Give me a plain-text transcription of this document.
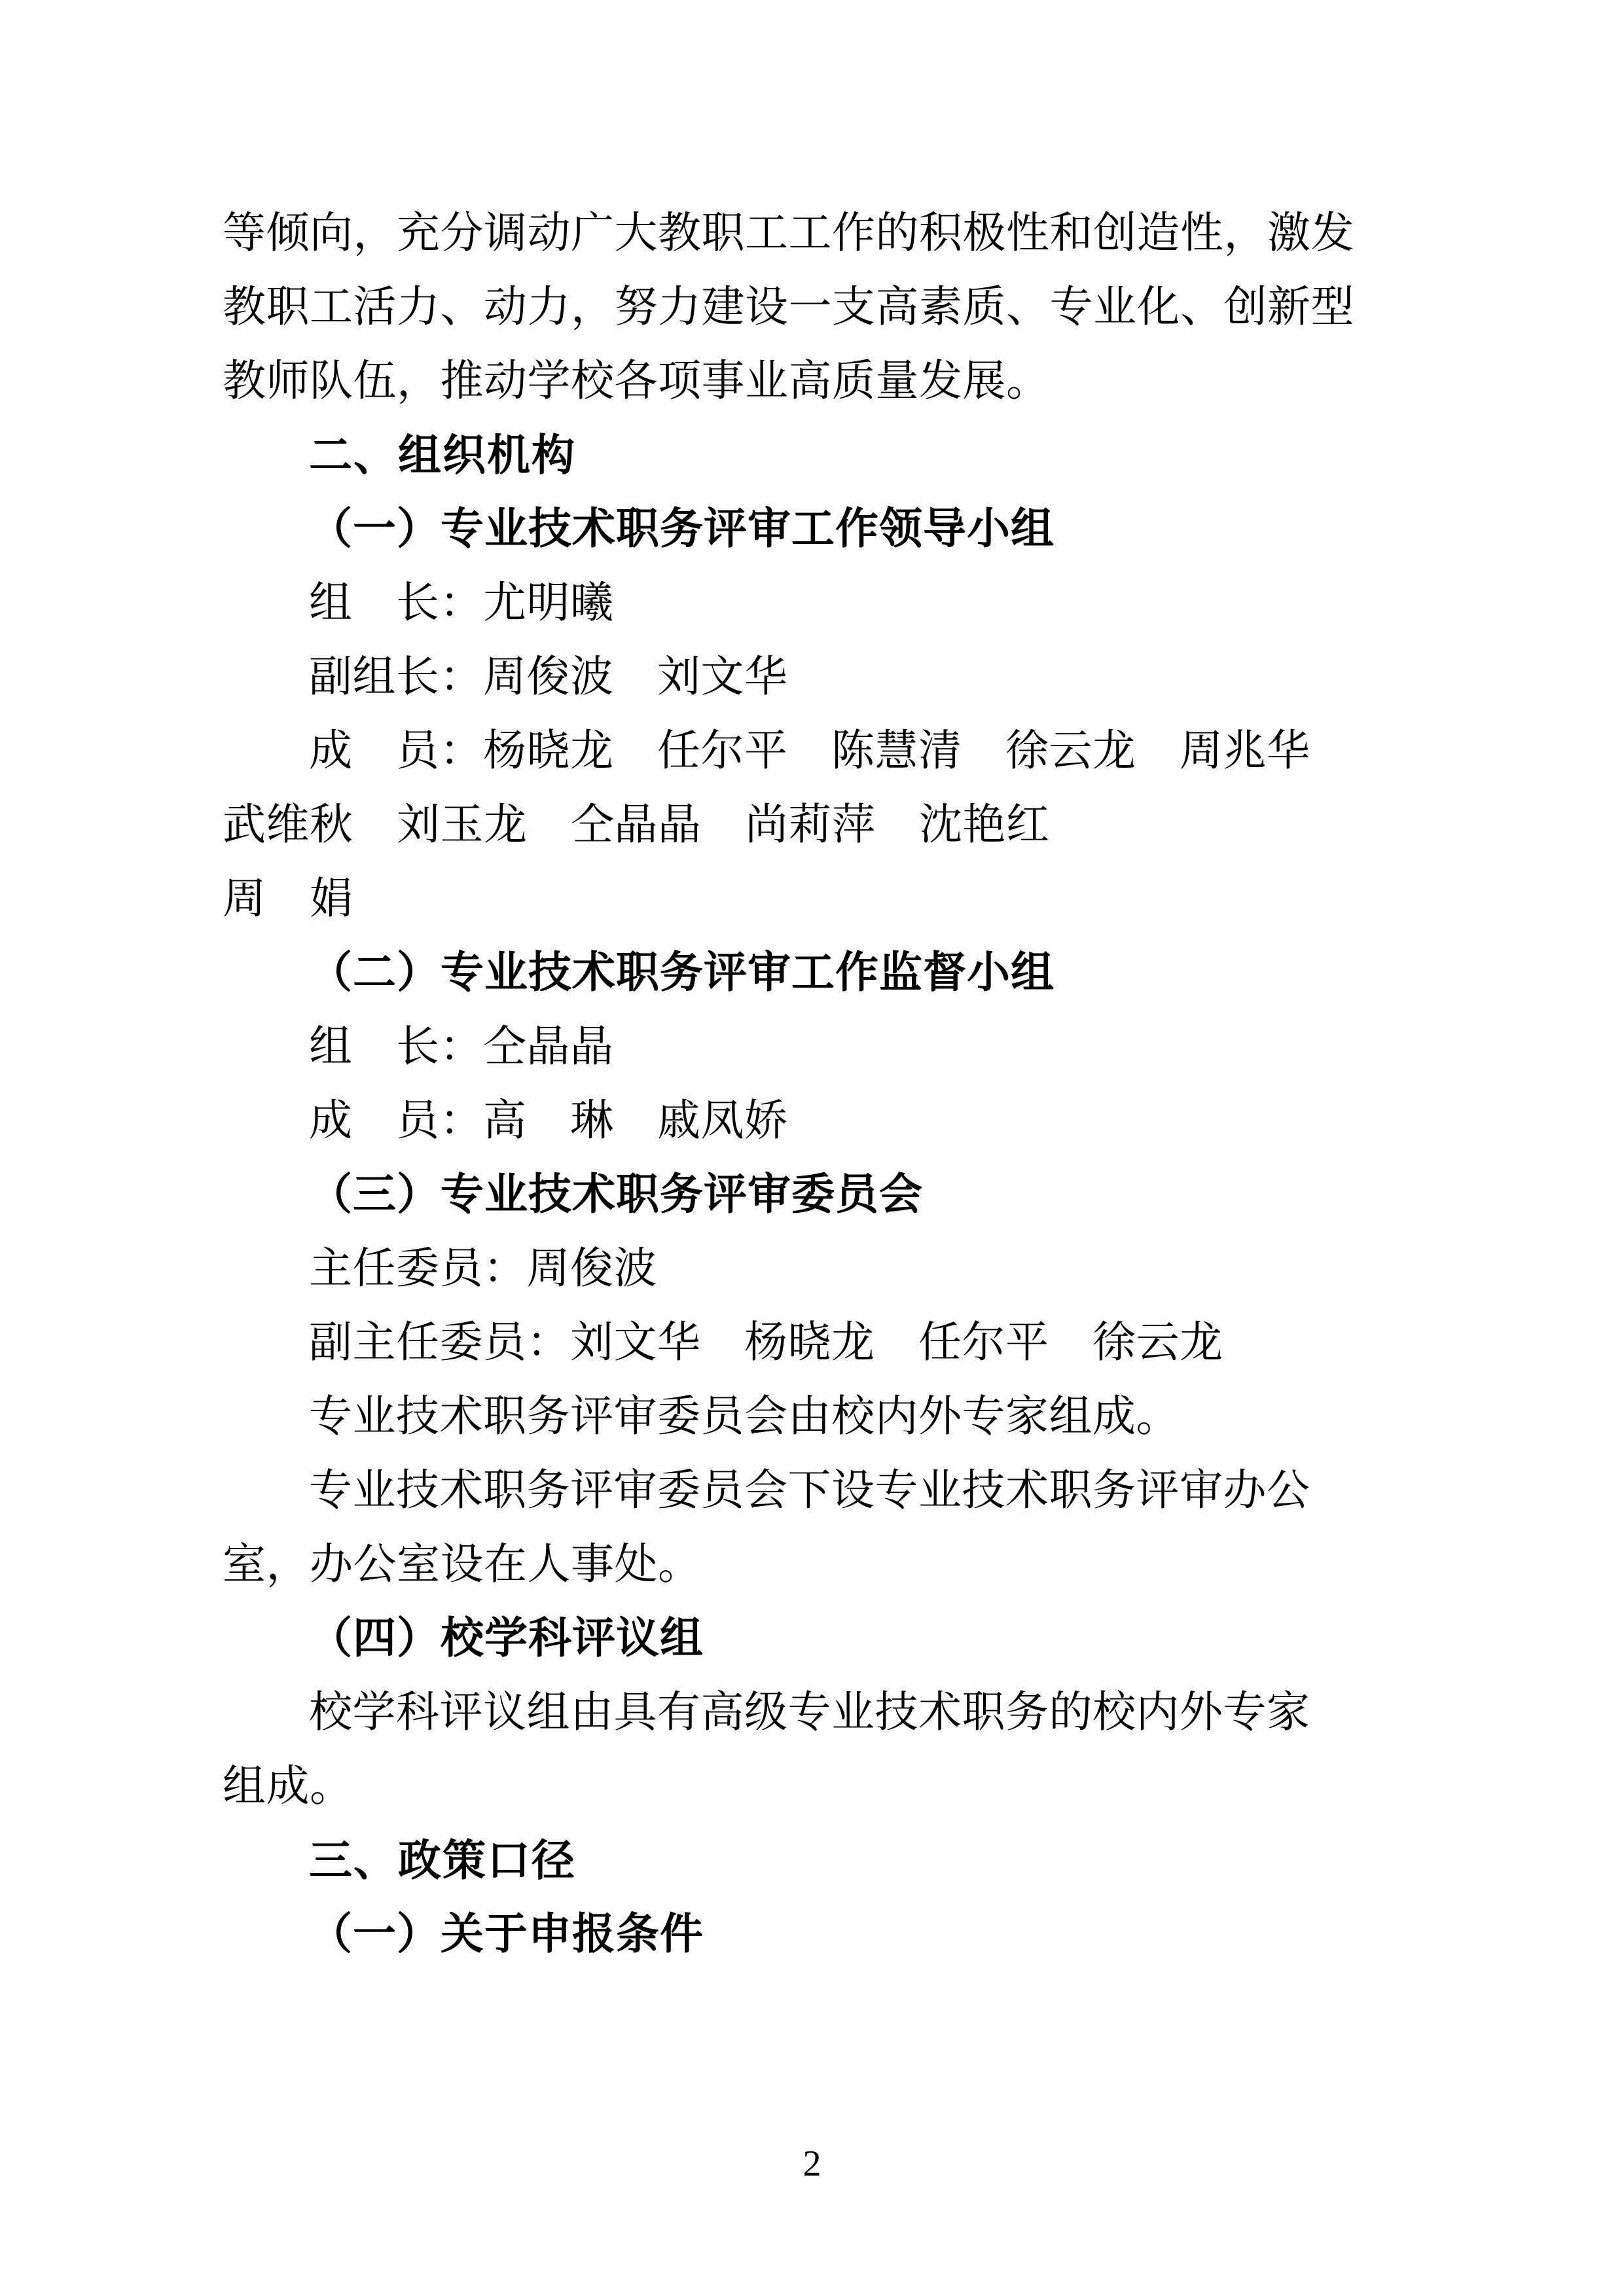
等倾向，充分调动广大教职工工作的积极性和创造性，激发
教职工活力、动力，努力建设一支高素质、专业化、创新型
教师队伍，推动学校各项事业高质量发展。

二、组织机构

（一）专业技术职务评审工作领导小组

组　长：尤明曦

副组长：周俊波　刘文华

成　员：杨晓龙　任尔平　陈慧清　徐云龙　周兆华

武维秋　刘玉龙　仝晶晶　尚莉萍　沈艳红

周　娟

（二）专业技术职务评审工作监督小组

组　长：仝晶晶

成　员：高　琳　戚凤娇

（三）专业技术职务评审委员会

主任委员：周俊波

副主任委员：刘文华　杨晓龙　任尔平　徐云龙

专业技术职务评审委员会由校内外专家组成。

专业技术职务评审委员会下设专业技术职务评审办公

室，办公室设在人事处。

（四）校学科评议组

校学科评议组由具有高级专业技术职务的校内外专家

组成。

三、政策口径

（一）关于申报条件

2
